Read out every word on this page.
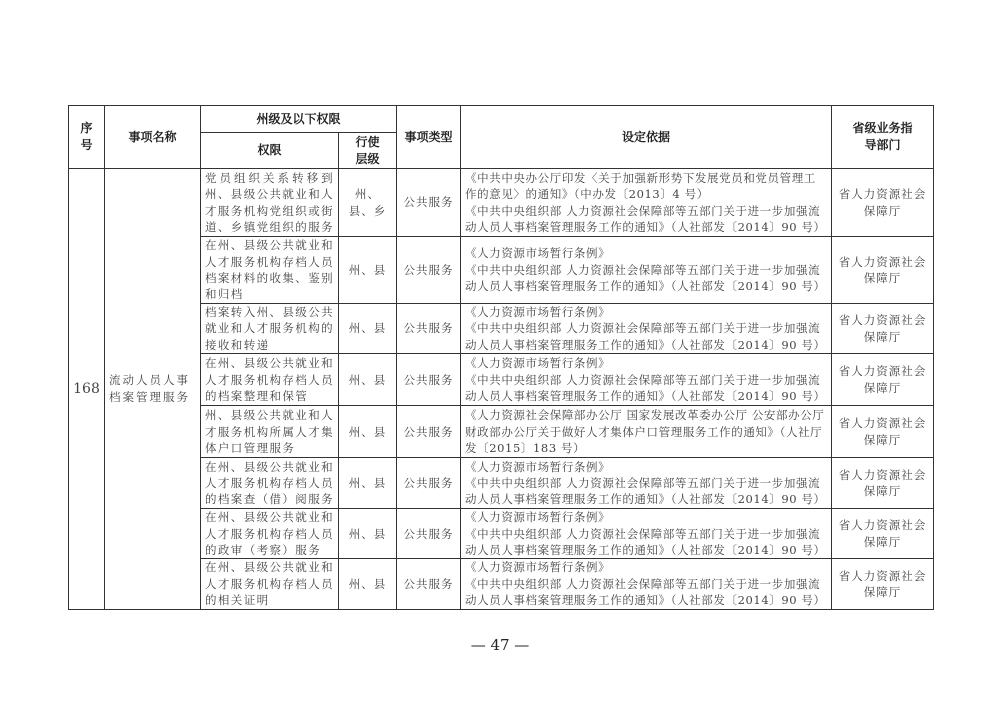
序号	事项名称	州级及以下权限		事项类型	设定依据	省级业务指导部门
		权限	行使层级			
168	流动人员人事档案管理服务	党员组织关系转移到州、县级公共就业和人才服务机构党组织或街道、乡镇党组织的服务	州、县、乡	公共服务	《中共中央办公厅印发〈关于加强新形势下发展党员和党员管理工作的意见〉的通知》（中办发〔2013〕4 号）
《中共中央组织部 人力资源社会保障部等五部门关于进一步加强流动人员人事档案管理服务工作的通知》（人社部发〔2014〕90 号）	省人力资源社会保障厅
		在州、县级公共就业和人才服务机构存档人员档案材料的收集、鉴别和归档	州、县	公共服务	《人力资源市场暂行条例》
《中共中央组织部 人力资源社会保障部等五部门关于进一步加强流动人员人事档案管理服务工作的通知》（人社部发〔2014〕90 号）	省人力资源社会保障厅
		档案转入州、县级公共就业和人才服务机构的接收和转递	州、县	公共服务	《人力资源市场暂行条例》
《中共中央组织部 人力资源社会保障部等五部门关于进一步加强流动人员人事档案管理服务工作的通知》（人社部发〔2014〕90 号）	省人力资源社会保障厅
		在州、县级公共就业和人才服务机构存档人员的档案整理和保管	州、县	公共服务	《人力资源市场暂行条例》
《中共中央组织部 人力资源社会保障部等五部门关于进一步加强流动人员人事档案管理服务工作的通知》（人社部发〔2014〕90 号）	省人力资源社会保障厅
		州、县级公共就业和人才服务机构所属人才集体户口管理服务	州、县	公共服务	《人力资源社会保障部办公厅 国家发展改革委办公厅 公安部办公厅 财政部办公厅关于做好人才集体户口管理服务工作的通知》（人社厅发〔2015〕183 号）	省人力资源社会保障厅
		在州、县级公共就业和人才服务机构存档人员的档案查（借）阅服务	州、县	公共服务	《人力资源市场暂行条例》
《中共中央组织部 人力资源社会保障部等五部门关于进一步加强流动人员人事档案管理服务工作的通知》（人社部发〔2014〕90 号）	省人力资源社会保障厅
		在州、县级公共就业和人才服务机构存档人员的政审（考察）服务	州、县	公共服务	《人力资源市场暂行条例》
《中共中央组织部 人力资源社会保障部等五部门关于进一步加强流动人员人事档案管理服务工作的通知》（人社部发〔2014〕90 号）	省人力资源社会保障厅
		在州、县级公共就业和人才服务机构存档人员的相关证明	州、县	公共服务	《人力资源市场暂行条例》
《中共中央组织部 人力资源社会保障部等五部门关于进一步加强流动人员人事档案管理服务工作的通知》（人社部发〔2014〕90 号）	省人力资源社会保障厅
— 47 —
